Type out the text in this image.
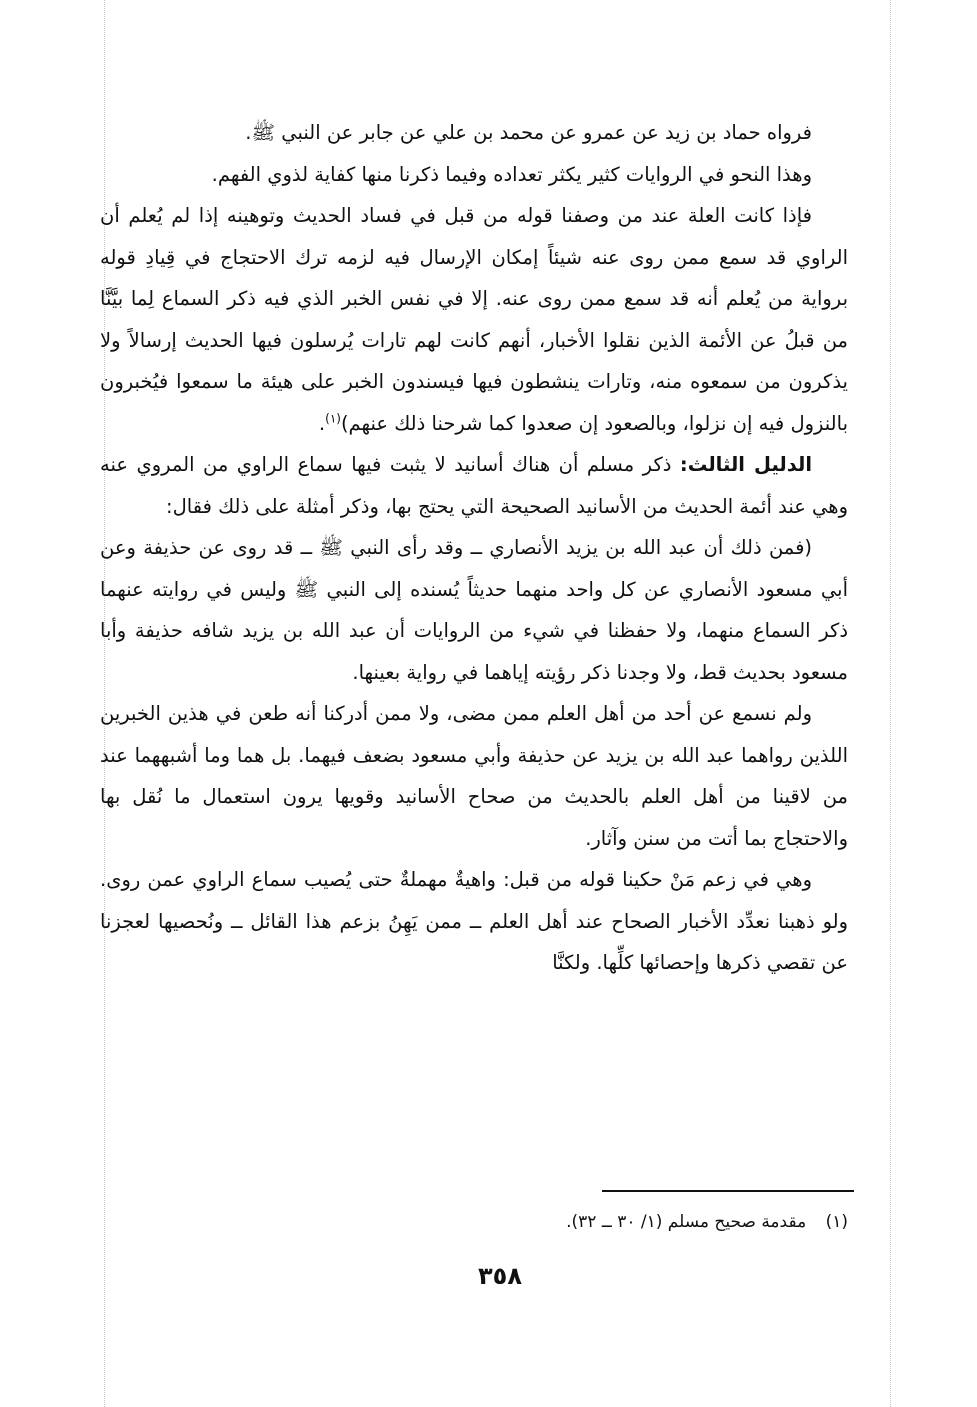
فرواه حماد بن زيد عن عمرو عن محمد بن علي عن جابر عن النبي ﷺ.

وهذا النحو في الروايات كثير يكثر تعداده وفيما ذكرنا منها كفاية لذوي الفهم.

فإذا كانت العلة عند من وصفنا قوله من قبل في فساد الحديث وتوهينه إذا لم يُعلم أن الراوي قد سمع ممن روى عنه شيئاً إمكان الإرسال فيه لزمه ترك الاحتجاج في قِيادِ قوله برواية من يُعلم أنه قد سمع ممن روى عنه. إلا في نفس الخبر الذي فيه ذكر السماع لِما بيَّنَّا من قبلُ عن الأئمة الذين نقلوا الأخبار، أنهم كانت لهم تارات يُرسلون فيها الحديث إرسالاً ولا يذكرون من سمعوه منه، وتارات ينشطون فيها فيسندون الخبر على هيئة ما سمعوا فيُخبرون بالنزول فيه إن نزلوا، وبالصعود إن صعدوا كما شرحنا ذلك عنهم)$^{(١)}$.

الدليل الثالث: ذكر مسلم أن هناك أسانيد لا يثبت فيها سماع الراوي من المروي عنه وهي عند أئمة الحديث من الأسانيد الصحيحة التي يحتج بها، وذكر أمثلة على ذلك فقال:

(فمن ذلك أن عبد الله بن يزيد الأنصاري ــ وقد رأى النبي ﷺ ــ قد روى عن حذيفة وعن أبي مسعود الأنصاري عن كل واحد منهما حديثاً يُسنده إلى النبي ﷺ وليس في روايته عنهما ذكر السماع منهما، ولا حفظنا في شيء من الروايات أن عبد الله بن يزيد شافه حذيفة وأبا مسعود بحديث قط، ولا وجدنا ذكر رؤيته إياهما في رواية بعينها.

ولم نسمع عن أحد من أهل العلم ممن مضى، ولا ممن أدركنا أنه طعن في هذين الخبرين اللذين رواهما عبد الله بن يزيد عن حذيفة وأبي مسعود بضعف فيهما. بل هما وما أشبههما عند من لاقينا من أهل العلم بالحديث من صحاح الأسانيد وقويها يرون استعمال ما نُقل بها والاحتجاج بما أتت من سنن وآثار.

وهي في زعم مَنْ حكينا قوله من قبل: واهيةٌ مهملةٌ حتى يُصيب سماع الراوي عمن روى. ولو ذهبنا نعدِّد الأخبار الصحاح عند أهل العلم ــ ممن يَهِنُ بزعم هذا القائل ــ ونُحصيها لعجزنا عن تقصي ذكرها وإحصائها كلِّها. ولكنَّا

(١) مقدمة صحيح مسلم (١/ ٣٠ ــ ٣٢).
٣٥٨
